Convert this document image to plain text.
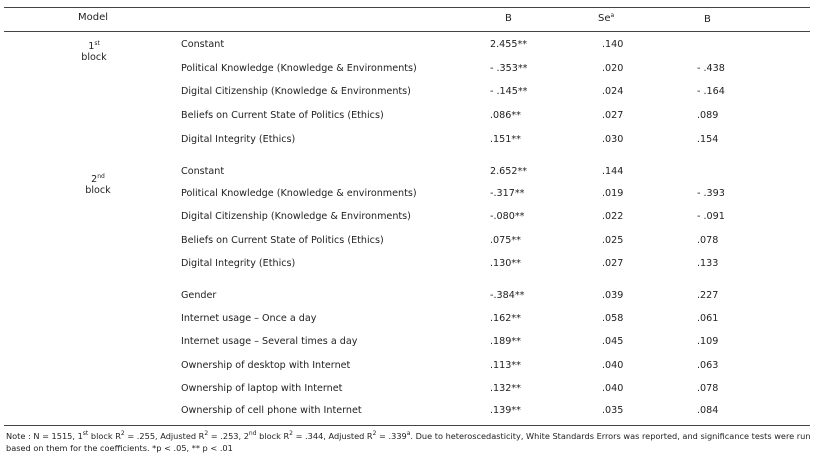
Model	B	Se$^a$	Β
1st
block
2nd
block
Constant	2.455**	.140
Political Knowledge (Knowledge & Environments)	- .353**	.020	- .438
Digital Citizenship (Knowledge & Environments)	- .145**	.024	- .164
Beliefs on Current State of Politics (Ethics)	.086**	.027	.089
Digital Integrity (Ethics)	.151**	.030	.154
Constant	2.652**	.144
Political Knowledge (Knowledge & environments)	-.317**	.019	- .393
Digital Citizenship (Knowledge & Environments)	-.080**	.022	- .091
Beliefs on Current State of Politics (Ethics)	.075**	.025	.078
Digital Integrity (Ethics)	.130**	.027	.133
Gender	-.384**	.039	.227
Internet usage – Once a day	.162**	.058	.061
Internet usage – Several times a day	.189**	.045	.109
Ownership of desktop with Internet	.113**	.040	.063
Ownership of laptop with Internet	.132**	.040	.078
Ownership of cell phone with Internet	.139**	.035	.084
Note : N = 1515, 1st block $R^2 = .255$, Adjusted $R^2 = .253$, 2nd block $R^2 = .344$, Adjusted $R^2 = .339^a$. Due to heteroscedasticity, White Standards Errors was reported, and significance tests were run based on them for the coefficients. *p < .05, ** p < .01
